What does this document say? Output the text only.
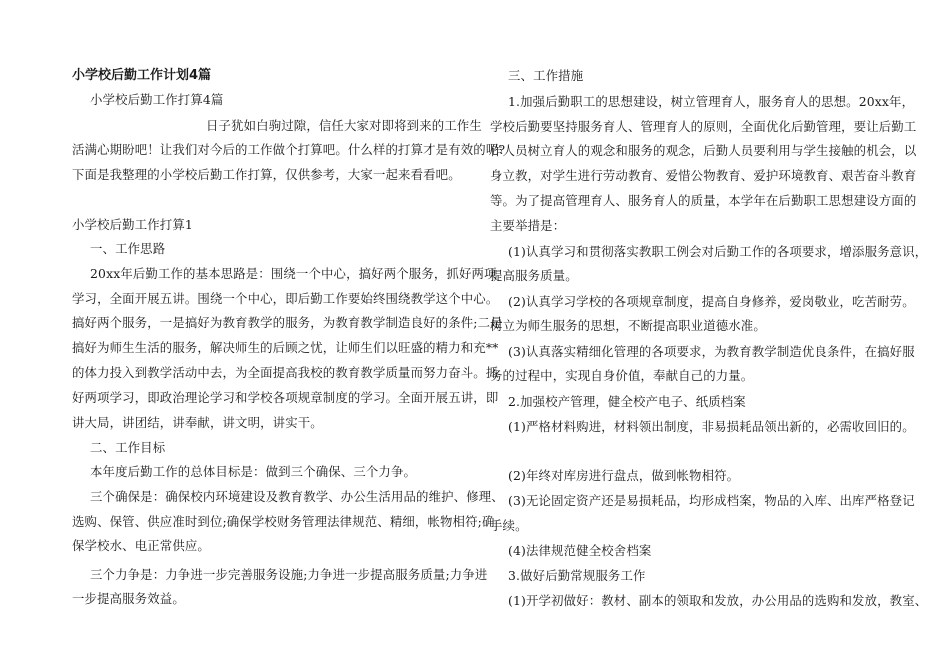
小学校后勤工作计划4篇
小学校后勤工作打算4篇
日子犹如白驹过隙，信任大家对即将到来的工作生
活满心期盼吧！让我们对今后的工作做个打算吧。什么样的打算才是有效的呢?
下面是我整理的小学校后勤工作打算，仅供参考，大家一起来看看吧。
小学校后勤工作打算1
一、工作思路
20xx年后勤工作的基本思路是：围绕一个中心，搞好两个服务，抓好两项
学习，全面开展五讲。围绕一个中心，即后勤工作要始终围绕教学这个中心。
搞好两个服务，一是搞好为教育教学的服务，为教育教学制造良好的条件;二是
搞好为师生生活的服务，解决师生的后顾之忧，让师生们以旺盛的精力和充**
的体力投入到教学活动中去，为全面提高我校的教育教学质量而努力奋斗。抓
好两项学习，即政治理论学习和学校各项规章制度的学习。全面开展五讲，即
讲大局，讲团结，讲奉献，讲文明，讲实干。
二、工作目标
本年度后勤工作的总体目标是：做到三个确保、三个力争。
三个确保是：确保校内环境建设及教育教学、办公生活用品的维护、修理、
选购、保管、供应准时到位;确保学校财务管理法律规范、精细，帐物相符;确
保学校水、电正常供应。
三个力争是：力争进一步完善服务设施;力争进一步提高服务质量;力争进
一步提高服务效益。
三、工作措施
1.加强后勤职工的思想建设，树立管理育人，服务育人的思想。20xx年，
学校后勤要坚持服务育人、管理育人的原则，全面优化后勤管理，要让后勤工
作人员树立育人的观念和服务的观念，后勤人员要利用与学生接触的机会，以
身立教，对学生进行劳动教育、爱惜公物教育、爱护环境教育、艰苦奋斗教育
等。为了提高管理育人、服务育人的质量，本学年在后勤职工思想建设方面的
主要举措是：
(1)认真学习和贯彻落实教职工例会对后勤工作的各项要求，增添服务意识，
提高服务质量。
(2)认真学习学校的各项规章制度，提高自身修养，爱岗敬业，吃苦耐劳。
树立为师生服务的思想，不断提高职业道德水准。
(3)认真落实精细化管理的各项要求，为教育教学制造优良条件，在搞好服
务的过程中，实现自身价值，奉献自己的力量。
2.加强校产管理，健全校产电子、纸质档案
(1)严格材料购进，材料领出制度，非易损耗品领出新的，必需收回旧的。
(2)年终对库房进行盘点，做到帐物相符。
(3)无论固定资产还是易损耗品，均形成档案，物品的入库、出库严格登记
手续。
(4)法律规范健全校舍档案
3.做好后勤常规服务工作
(1)开学初做好：教材、副本的领取和发放，办公用品的选购和发放，教室、
